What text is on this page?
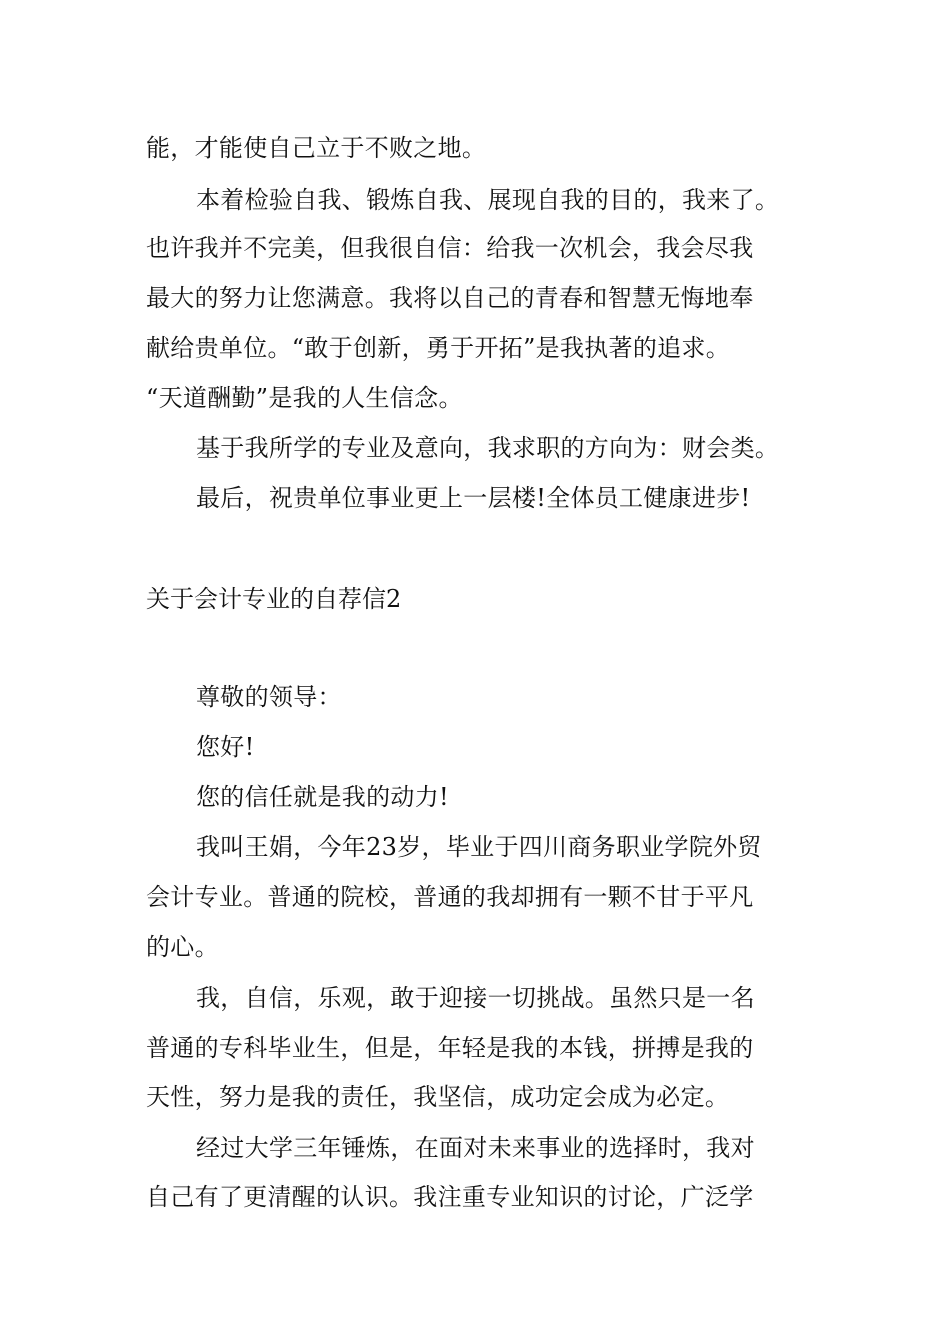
能，才能使自己立于不败之地。
本着检验自我、锻炼自我、展现自我的目的，我来了。
也许我并不完美，但我很自信：给我一次机会，我会尽我
最大的努力让您满意。我将以自己的青春和智慧无悔地奉
献给贵单位。“敢于创新，勇于开拓”是我执著的追求。
“天道酬勤”是我的人生信念。
基于我所学的专业及意向，我求职的方向为：财会类。
最后，祝贵单位事业更上一层楼!全体员工健康进步!
关于会计专业的自荐信2
尊敬的领导：
您好!
您的信任就是我的动力!
我叫王娟，今年23岁，毕业于四川商务职业学院外贸
会计专业。普通的院校，普通的我却拥有一颗不甘于平凡
的心。
我，自信，乐观，敢于迎接一切挑战。虽然只是一名
普通的专科毕业生，但是，年轻是我的本钱，拼搏是我的
天性，努力是我的责任，我坚信，成功定会成为必定。
经过大学三年锤炼，在面对未来事业的选择时，我对
自己有了更清醒的认识。我注重专业知识的讨论，广泛学
